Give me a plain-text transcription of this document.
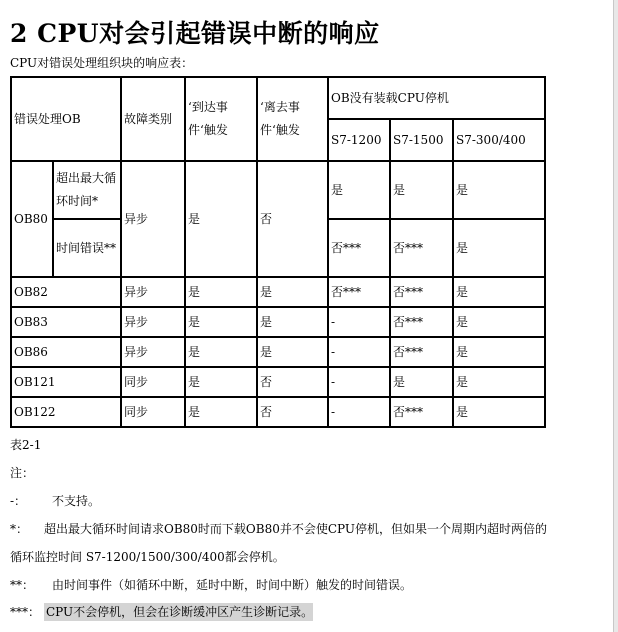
2 CPU对会引起错误中断的响应
CPU对错误处理组织块的响应表：
错误处理OB		故障类别	‘到达事件‘触发	‘离去事件‘触发	OB没有装载CPU停机		
					S7-1200	S7-1500	S7-300/400
OB80	超出最大循环时间*	异步	是	否	是	是	是
	时间错误**				否***	否***	是
OB82		异步	是	是	否***	否***	是
OB83		异步	是	是	-	否***	是
OB86		异步	是	是	-	否***	是
OB121		同步	是	否	-	是	是
OB122		同步	是	否	-	否***	是
表2-1
注：
-： 不支持。
*： 超出最大循环时间请求OB80时而下载OB80并不会使CPU停机，但如果一个周期内超时两倍的
循环监控时间 S7-1200/1500/300/400都会停机。
**： 由时间事件（如循环中断，延时中断，时间中断）触发的时间错误。
***： CPU不会停机，但会在诊断缓冲区产生诊断记录。
